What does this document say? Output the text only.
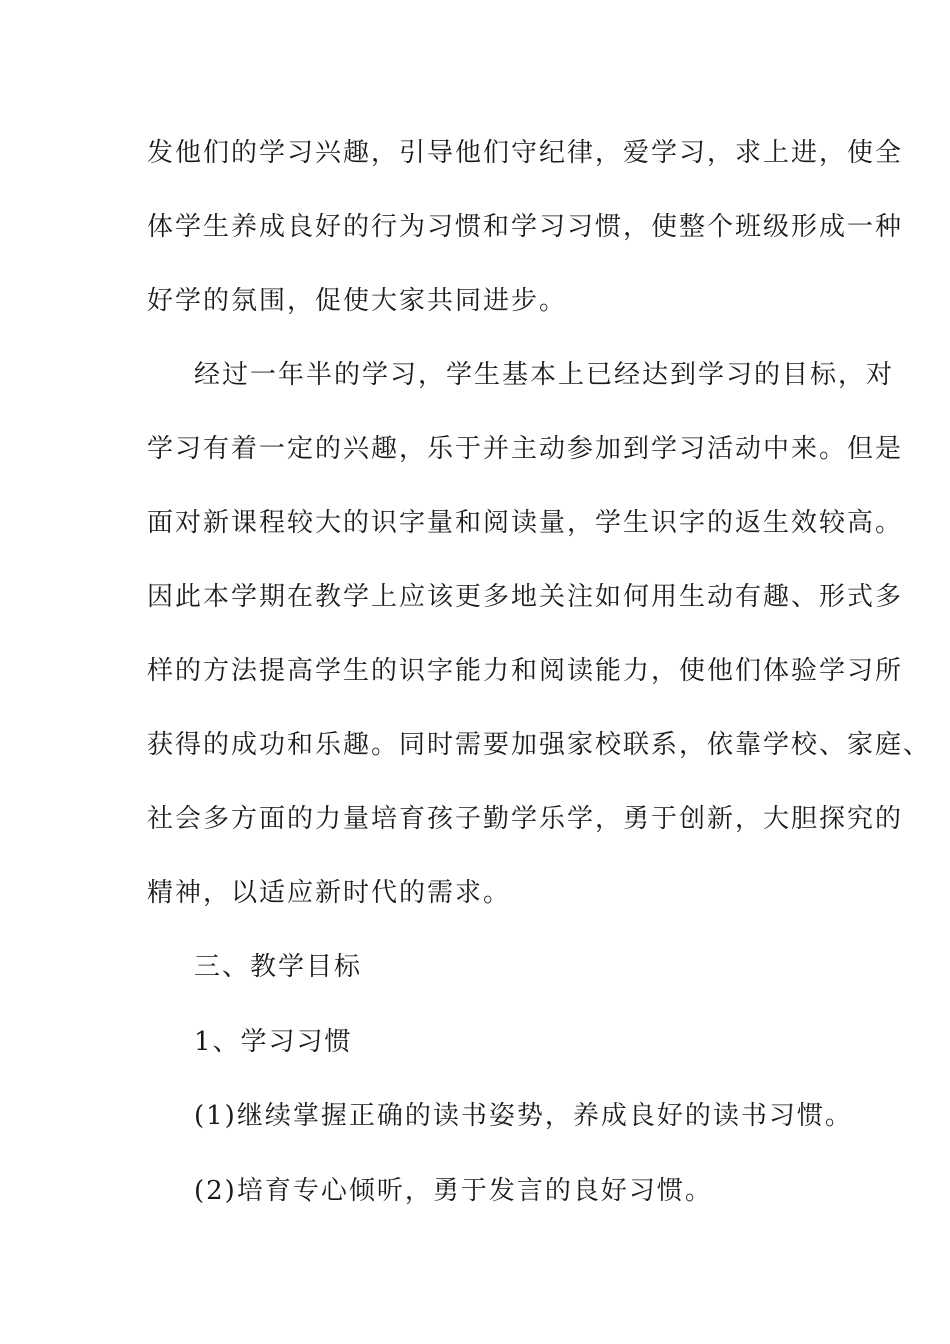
发他们的学习兴趣，引导他们守纪律，爱学习，求上进，使全
体学生养成良好的行为习惯和学习习惯，使整个班级形成一种
好学的氛围，促使大家共同进步。
经过一年半的学习，学生基本上已经达到学习的目标，对
学习有着一定的兴趣，乐于并主动参加到学习活动中来。但是
面对新课程较大的识字量和阅读量，学生识字的返生效较高。
因此本学期在教学上应该更多地关注如何用生动有趣、形式多
样的方法提高学生的识字能力和阅读能力，使他们体验学习所
获得的成功和乐趣。同时需要加强家校联系，依靠学校、家庭、
社会多方面的力量培育孩子勤学乐学，勇于创新，大胆探究的
精神，以适应新时代的需求。
三、教学目标
1、学习习惯
(1)继续掌握正确的读书姿势，养成良好的读书习惯。
(2)培育专心倾听，勇于发言的良好习惯。
